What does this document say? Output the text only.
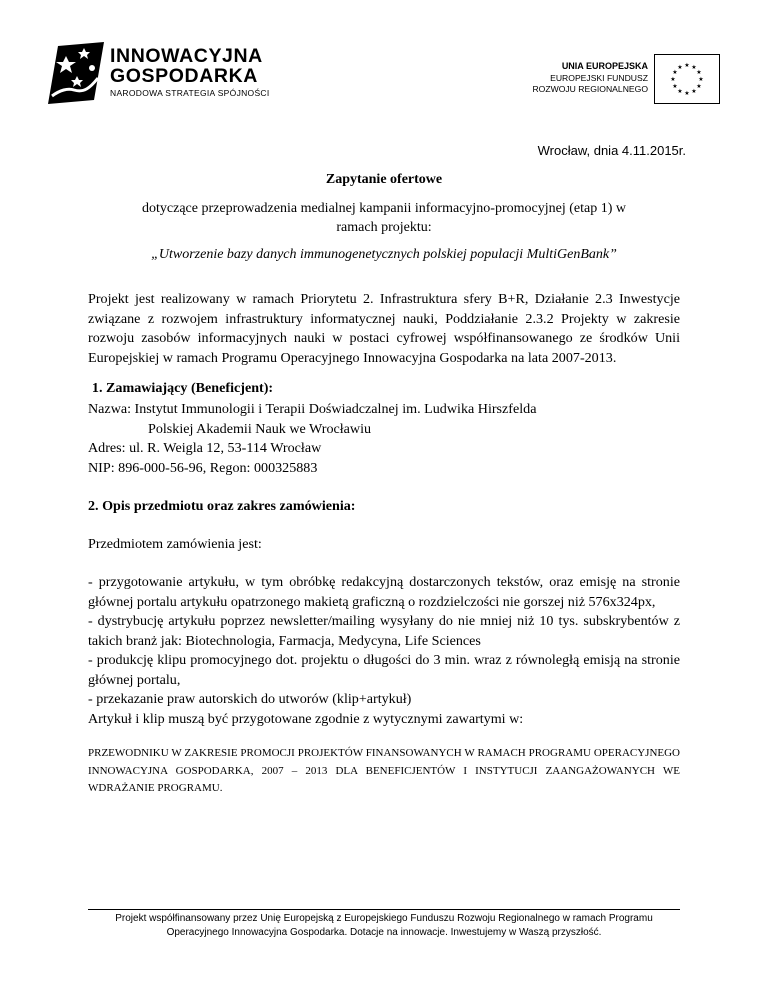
INNOWACYJNA
GOSPODARKA
NARODOWA STRATEGIA SPÓJNOŚCI
UNIA EUROPEJSKA
EUROPEJSKI FUNDUSZ
ROZWOJU REGIONALNEGO
★ ★
★
★
★
★
★
★
★
★
★
★
Wrocław, dnia 4.11.2015r.
Zapytanie ofertowe
dotyczące przeprowadzenia medialnej kampanii informacyjno-promocyjnej (etap 1) w
ramach projektu:
„Utworzenie bazy danych immunogenetycznych polskiej populacji MultiGenBank”
Projekt jest realizowany w ramach Priorytetu 2. Infrastruktura sfery B+R, Działanie 2.3 Inwestycje związane z rozwojem infrastruktury informatycznej nauki, Poddziałanie 2.3.2 Projekty w zakresie rozwoju zasobów informacyjnych nauki w postaci cyfrowej współfinansowanego ze środków Unii Europejskiej w ramach Programu Operacyjnego Innowacyjna Gospodarka na lata 2007-2013.
1. Zamawiający (Beneficjent):
Nazwa: Instytut Immunologii i Terapii Doświadczalnej im. Ludwika Hirszfelda
Polskiej Akademii Nauk we Wrocławiu
Adres: ul. R. Weigla 12, 53-114 Wrocław
NIP: 896-000-56-96, Regon: 000325883
2. Opis przedmiotu oraz zakres zamówienia:
Przedmiotem zamówienia jest:
- przygotowanie artykułu, w tym obróbkę redakcyjną dostarczonych tekstów, oraz emisję na stronie głównej portalu artykułu opatrzonego makietą graficzną o rozdzielczości nie gorszej niż 576x324px,
- dystrybucję artykułu poprzez newsletter/mailing wysyłany do nie mniej niż 10 tys. subskrybentów z takich branż jak: Biotechnologia, Farmacja, Medycyna, Life Sciences
- produkcję klipu promocyjnego dot. projektu o długości do 3 min. wraz z równoległą emisją na stronie głównej portalu,
- przekazanie praw autorskich do utworów (klip+artykuł)
Artykuł i klip muszą być przygotowane zgodnie z wytycznymi zawartymi w:
PRZEWODNIKU W ZAKRESIE PROMOCJI PROJEKTÓW FINANSOWANYCH W RAMACH PROGRAMU OPERACYJNEGO INNOWACYJNA GOSPODARKA, 2007 – 2013 DLA BENEFICJENTÓW I INSTYTUCJI ZAANGAŻOWANYCH WE WDRAŻANIE PROGRAMU.
Projekt współfinansowany przez Unię Europejską z Europejskiego Funduszu Rozwoju Regionalnego w ramach Programu
Operacyjnego Innowacyjna Gospodarka. Dotacje na innowacje. Inwestujemy w Waszą przyszłość.
